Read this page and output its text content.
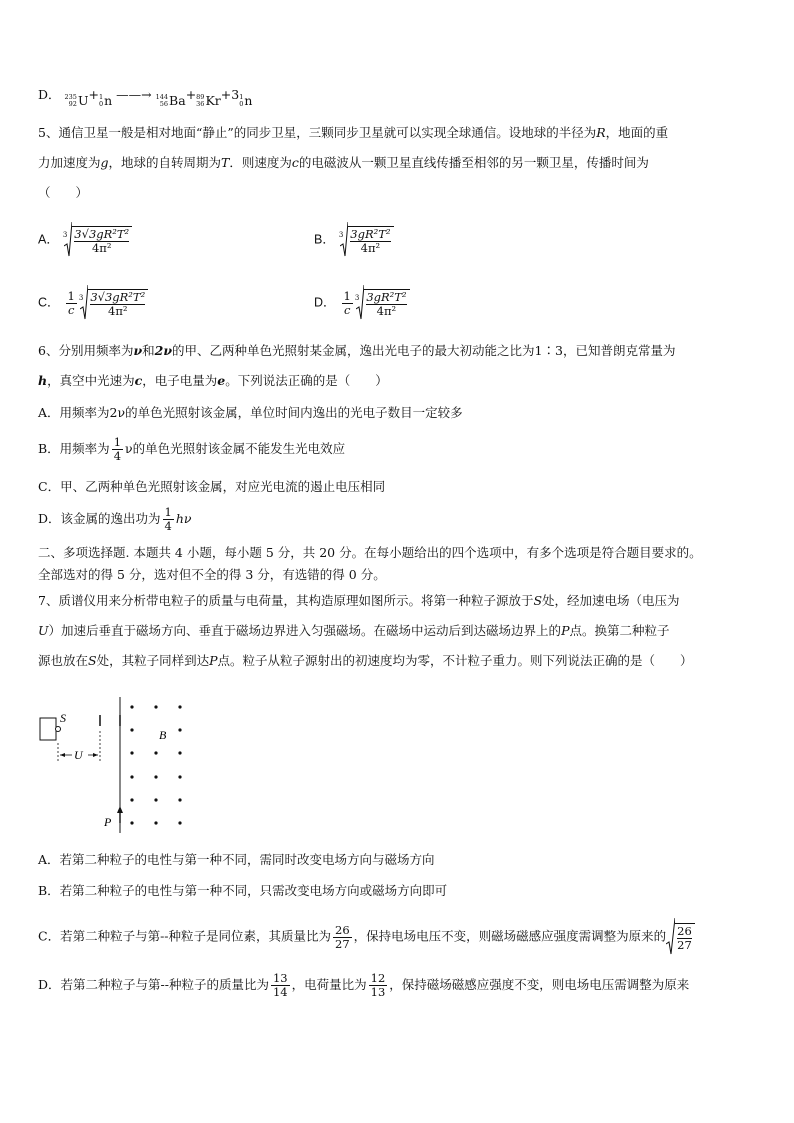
D． 235
92 U + 1
0 n ——→ 144
56 Ba + 89
36 Kr +3 1
0 n
5、通信卫星一般是相对地面“静止”的同步卫星，三颗同步卫星就可以实现全球通信。设地球的半径为R，地面的重
力加速度为g，地球的自转周期为T．则速度为c的电磁波从一颗卫星直线传播至相邻的另一颗卫星，传播时间为
（　　）
A． 3 3√3gR²T²
4π²
B． 3 3gR²T²
4π²
C． $\frac{1}{c} 3$ 3√3gR²T²
4π²
D． $\frac{1}{c} 3$ 3gR²T²
4π²
6、分别用频率为ν和2ν的甲、乙两种单色光照射某金属，逸出光电子的最大初动能之比为1∶3，已知普朗克常量为
h，真空中光速为c，电子电量为e。下列说法正确的是（　　）
A．用频率为2ν的单色光照射该金属，单位时间内逸出的光电子数目一定较多
B．用频率为 $\frac{1}{4}$ ν的单色光照射该金属不能发生光电效应
C．甲、乙两种单色光照射该金属，对应光电流的遏止电压相同
D．该金属的逸出功为 $\frac{1}{4}$ hν
二、多项选择题. 本题共 4 小题，每小题 5 分，共 20 分。在每小题给出的四个选项中，有多个选项是符合题目要求的。
全部选对的得 5 分，选对但不全的得 3 分，有选错的得 0 分。
7、质谱仪用来分析带电粒子的质量与电荷量，其构造原理如图所示。将第一种粒子源放于S处，经加速电场（电压为
U）加速后垂直于磁场方向、垂直于磁场边界进入匀强磁场。在磁场中运动后到达磁场边界上的P点。换第二种粒子
源也放在S处，其粒子同样到达P点。粒子从粒子源射出的初速度均为零，不计粒子重力。则下列说法正确的是（　　）
S
U
B
P
A．若第二种粒子的电性与第一种不同，需同时改变电场方向与磁场方向
B．若第二种粒子的电性与第一种不同，只需改变电场方向或磁场方向即可
C．若第二种粒子与第--种粒子是同位素，其质量比为 $\frac{26}{27}$ ，保持电场电压不变，则磁场磁感应强度需调整为原来的 26
27
D．若第二种粒子与第--种粒子的质量比为 $\frac{13}{14}$ ，电荷量比为 $\frac{12}{13}$ ，保持磁场磁感应强度不变，则电场电压需调整为原来
